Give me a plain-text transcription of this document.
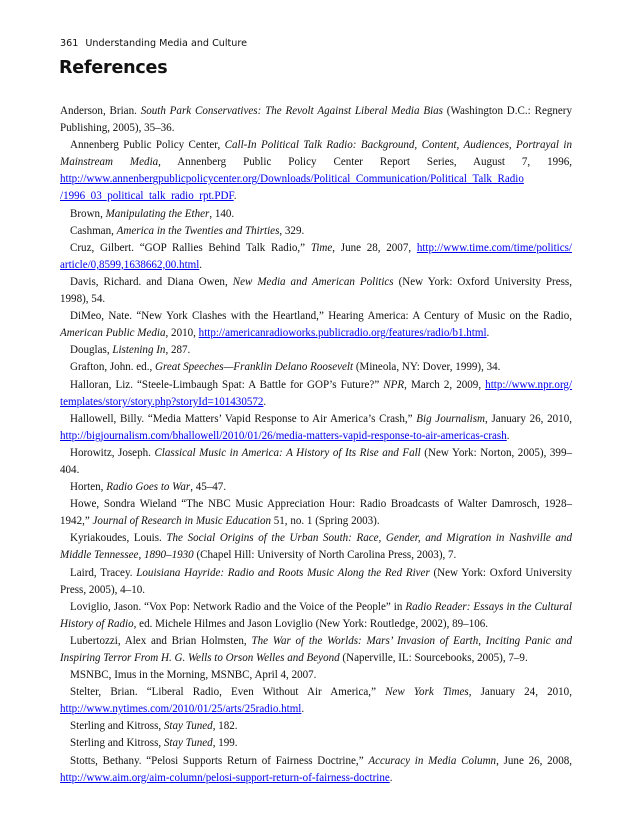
361 Understanding Media and Culture
References

Anderson, Brian. South Park Conservatives: The Revolt Against Liberal Media Bias (Washington D.C.: Regnery Publishing, 2005), 35–36.

Annenberg Public Policy Center, Call-In Political Talk Radio: Background, Content, Audiences, Portrayal in Mainstream Media, Annenberg Public Policy Center Report Series, August 7, 1996, http://www.annenbergpublicpolicycenter.org/Downloads/Political_Communication/Political_Talk_Radio /1996_03_political_talk_radio_rpt.PDF.

Brown, Manipulating the Ether, 140.

Cashman, America in the Twenties and Thirties, 329.

Cruz, Gilbert. “GOP Rallies Behind Talk Radio,” Time, June 28, 2007, http://www.time.com/time/politics/ article/0,8599,1638662,00.html.

Davis, Richard. and Diana Owen, New Media and American Politics (New York: Oxford University Press, 1998), 54.

DiMeo, Nate. “New York Clashes with the Heartland,” Hearing America: A Century of Music on the Radio, American Public Media, 2010, http://americanradioworks.publicradio.org/features/radio/b1.html.

Douglas, Listening In, 287.

Grafton, John. ed., Great Speeches—Franklin Delano Roosevelt (Mineola, NY: Dover, 1999), 34.

Halloran, Liz. “Steele-Limbaugh Spat: A Battle for GOP’s Future?” NPR, March 2, 2009, http://www.npr.org/ templates/story/story.php?storyId=101430572.

Hallowell, Billy. “Media Matters’ Vapid Response to Air America’s Crash,” Big Journalism, January 26, 2010, http://bigjournalism.com/bhallowell/2010/01/26/media-matters-vapid-response-to-air-americas-crash.

Horowitz, Joseph. Classical Music in America: A History of Its Rise and Fall (New York: Norton, 2005), 399–404.

Horten, Radio Goes to War, 45–47.

Howe, Sondra Wieland “The NBC Music Appreciation Hour: Radio Broadcasts of Walter Damrosch, 1928–1942,” Journal of Research in Music Education 51, no. 1 (Spring 2003).

Kyriakoudes, Louis. The Social Origins of the Urban South: Race, Gender, and Migration in Nashville and Middle Tennessee, 1890–1930 (Chapel Hill: University of North Carolina Press, 2003), 7.

Laird, Tracey. Louisiana Hayride: Radio and Roots Music Along the Red River (New York: Oxford University Press, 2005), 4–10.

Loviglio, Jason. “Vox Pop: Network Radio and the Voice of the People” in Radio Reader: Essays in the Cultural History of Radio, ed. Michele Hilmes and Jason Loviglio (New York: Routledge, 2002), 89–106.

Lubertozzi, Alex and Brian Holmsten, The War of the Worlds: Mars’ Invasion of Earth, Inciting Panic and Inspiring Terror From H. G. Wells to Orson Welles and Beyond (Naperville, IL: Sourcebooks, 2005), 7–9.

MSNBC, Imus in the Morning, MSNBC, April 4, 2007.

Stelter, Brian. “Liberal Radio, Even Without Air America,” New York Times, January 24, 2010, http://www.nytimes.com/2010/01/25/arts/25radio.html.

Sterling and Kitross, Stay Tuned, 182.

Sterling and Kitross, Stay Tuned, 199.

Stotts, Bethany. “Pelosi Supports Return of Fairness Doctrine,” Accuracy in Media Column, June 26, 2008, http://www.aim.org/aim-column/pelosi-support-return-of-fairness-doctrine.
